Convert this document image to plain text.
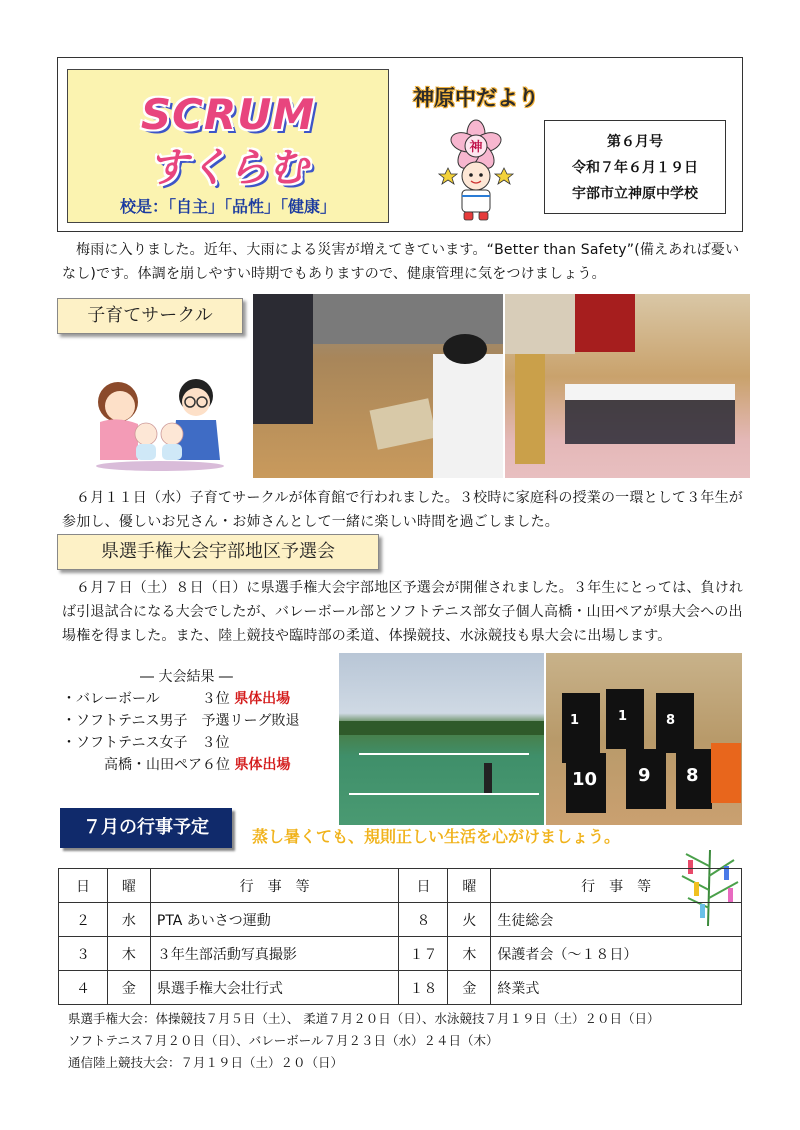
SCRUM
すくらむ
校是：「自主」「品性」「健康」
神原中だより
神	第６月号
令和７年６月１９日
宇部市立神原中学校
梅雨に入りました。近年、大雨による災害が増えてきています。“Better than Safety”(備えあれば憂いなし)です。体調を崩しやすい時期でもありますので、健康管理に気をつけましょう。
子育てサークル
６月１１日（水）子育てサークルが体育館で行われました。３校時に家庭科の授業の一環として３年生が参加し、優しいお兄さん・お姉さんとして一緒に楽しい時間を過ごしました。
県選手権大会宇部地区予選会
６月７日（土）８日（日）に県選手権大会宇部地区予選会が開催されました。３年生にとっては、負ければ引退試合になる大会でしたが、バレーボール部とソフトテニス部女子個人高橋・山田ペアが県大会への出場権を得ました。また、陸上競技や臨時部の柔道、体操競技、水泳競技も県大会に出場します。
― 大会結果 ―
・バレーボール　　　３位 県体出場
・ソフトテニス男子　予選リーグ敗退
・ソフトテニス女子　３位
　　　高橋・山田ペア６位 県体出場
1	1	8
10 9 8
７月の行事予定	蒸し暑くても、規則正しい生活を心がけましょう。
日	曜	行　事　等	日	曜	行　事　等
２	水	PTA あいさつ運動	８	火	生徒総会
３	木	３年生部活動写真撮影	１７	木	保護者会（～１８日）
４	金	県選手権大会壮行式	１８	金	終業式
県選手権大会：体操競技７月５日（土）、 柔道７月２０日（日）、水泳競技７月１９日（土）２０日（日）
ソフトテニス７月２０日（日）、バレーボール７月２３日（水）２４日（木）
通信陸上競技大会：７月１９日（土）２０（日）
